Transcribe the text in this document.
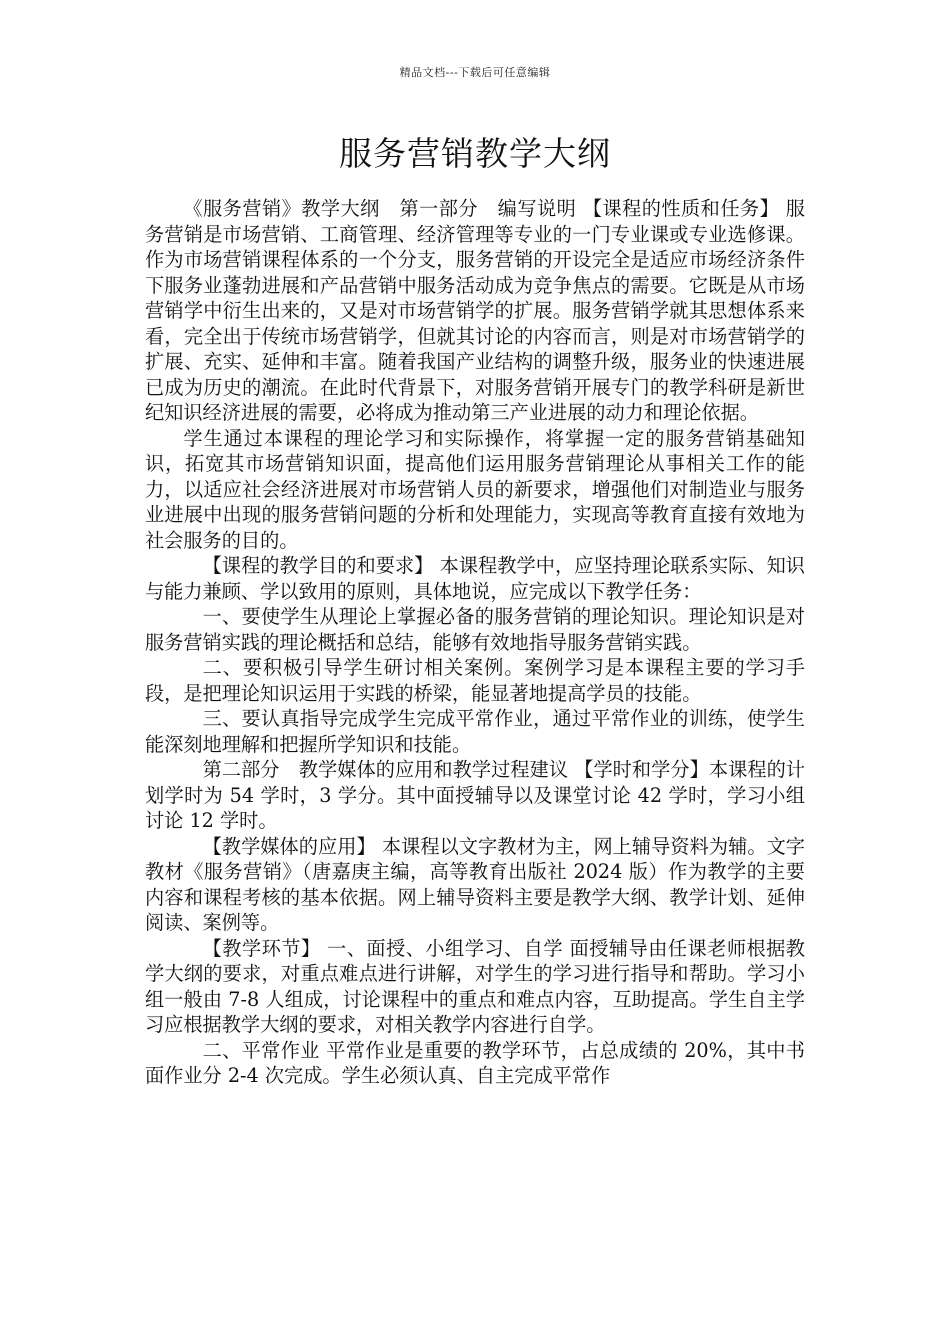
精品文档---下载后可任意编辑
服务营销教学大纲

《服务营销》教学大纲　第一部分　编写说明 【课程的性质和任务】 服务营销是市场营销、工商管理、经济管理等专业的一门专业课或专业选修课。作为市场营销课程体系的一个分支，服务营销的开设完全是适应市场经济条件下服务业蓬勃进展和产品营销中服务活动成为竞争焦点的需要。它既是从市场营销学中衍生出来的，又是对市场营销学的扩展。服务营销学就其思想体系来看，完全出于传统市场营销学，但就其讨论的内容而言，则是对市场营销学的扩展、充实、延伸和丰富。随着我国产业结构的调整升级，服务业的快速进展已成为历史的潮流。在此时代背景下，对服务营销开展专门的教学科研是新世纪知识经济进展的需要，必将成为推动第三产业进展的动力和理论依据。

学生通过本课程的理论学习和实际操作，将掌握一定的服务营销基础知识，拓宽其市场营销知识面，提高他们运用服务营销理论从事相关工作的能力，以适应社会经济进展对市场营销人员的新要求，增强他们对制造业与服务业进展中出现的服务营销问题的分析和处理能力，实现高等教育直接有效地为社会服务的目的。

【课程的教学目的和要求】 本课程教学中，应坚持理论联系实际、知识与能力兼顾、学以致用的原则，具体地说，应完成以下教学任务：

一、要使学生从理论上掌握必备的服务营销的理论知识。理论知识是对服务营销实践的理论概括和总结，能够有效地指导服务营销实践。

二、要积极引导学生研讨相关案例。案例学习是本课程主要的学习手段，是把理论知识运用于实践的桥梁，能显著地提高学员的技能。

三、要认真指导完成学生完成平常作业，通过平常作业的训练，使学生能深刻地理解和把握所学知识和技能。

第二部分　教学媒体的应用和教学过程建议 【学时和学分】本课程的计划学时为 54 学时，3 学分。其中面授辅导以及课堂讨论 42 学时，学习小组讨论 12 学时。

【教学媒体的应用】 本课程以文字教材为主，网上辅导资料为辅。文字教材《服务营销》（唐嘉庚主编，高等教育出版社 2024 版）作为教学的主要内容和课程考核的基本依据。网上辅导资料主要是教学大纲、教学计划、延伸阅读、案例等。

【教学环节】 一、面授、小组学习、自学 面授辅导由任课老师根据教学大纲的要求，对重点难点进行讲解，对学生的学习进行指导和帮助。学习小组一般由 7-8 人组成，讨论课程中的重点和难点内容，互助提高。学生自主学习应根据教学大纲的要求，对相关教学内容进行自学。

二、平常作业 平常作业是重要的教学环节，占总成绩的 20%，其中书面作业分 2-4 次完成。学生必须认真、自主完成平常作
